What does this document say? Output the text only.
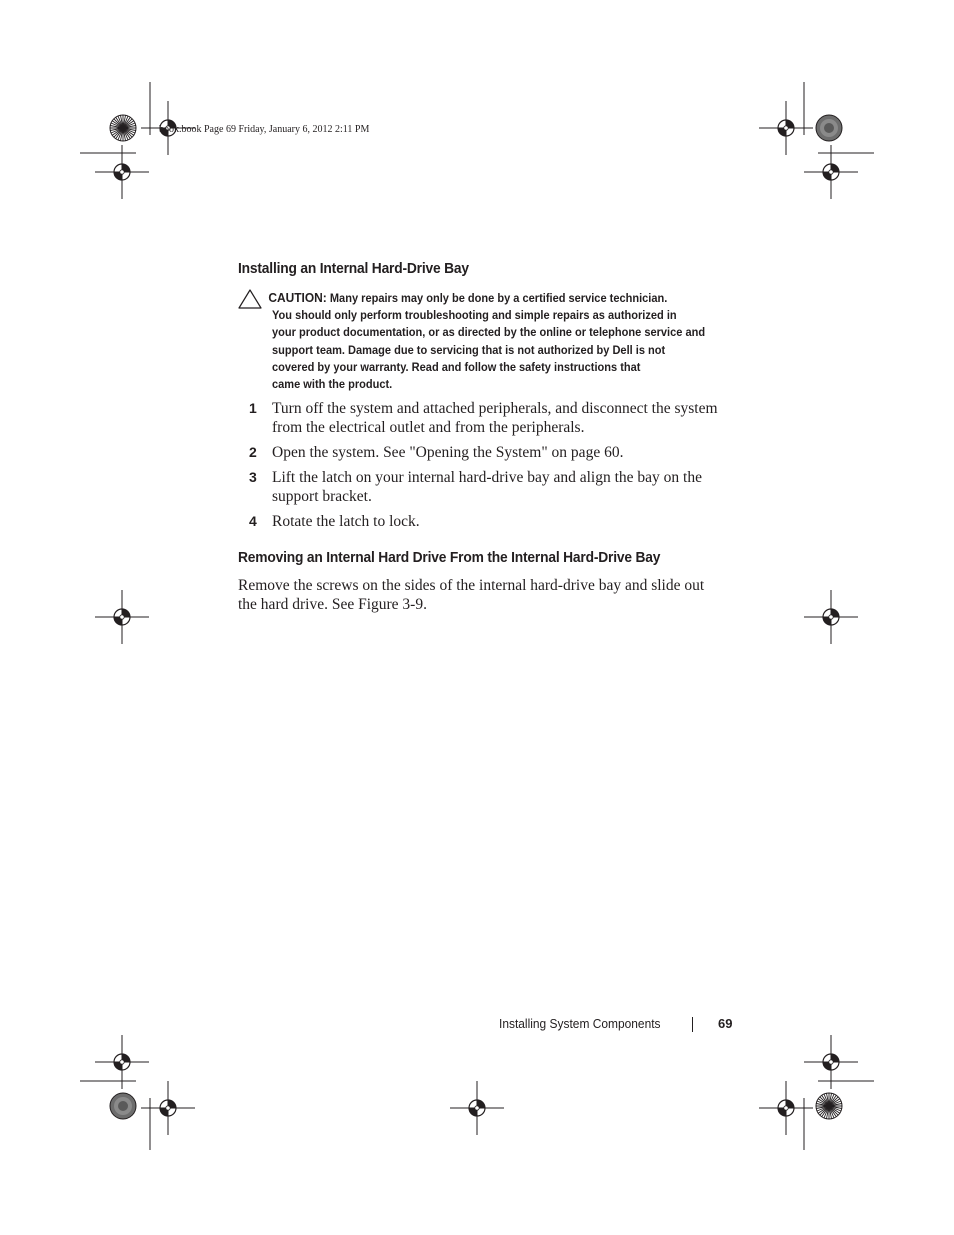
book.book Page 69 Friday, January 6, 2012 2:11 PM
Installing an Internal Hard-Drive Bay
CAUTION: Many repairs may only be done by a certified service technician.
You should only perform troubleshooting and simple repairs as authorized in
your product documentation, or as directed by the online or telephone service and
support team. Damage due to servicing that is not authorized by Dell is not
covered by your warranty. Read and follow the safety instructions that
came with the product.
1 Turn off the system and attached peripherals, and disconnect the system
from the electrical outlet and from the peripherals.
2 Open the system. See "Opening the System" on page 60.
3 Lift the latch on your internal hard-drive bay and align the bay on the
support bracket.
4 Rotate the latch to lock.
Removing an Internal Hard Drive From the Internal Hard-Drive Bay
Remove the screws on the sides of the internal hard-drive bay and slide out
the hard drive. See Figure 3-9.
Installing System Components	69
